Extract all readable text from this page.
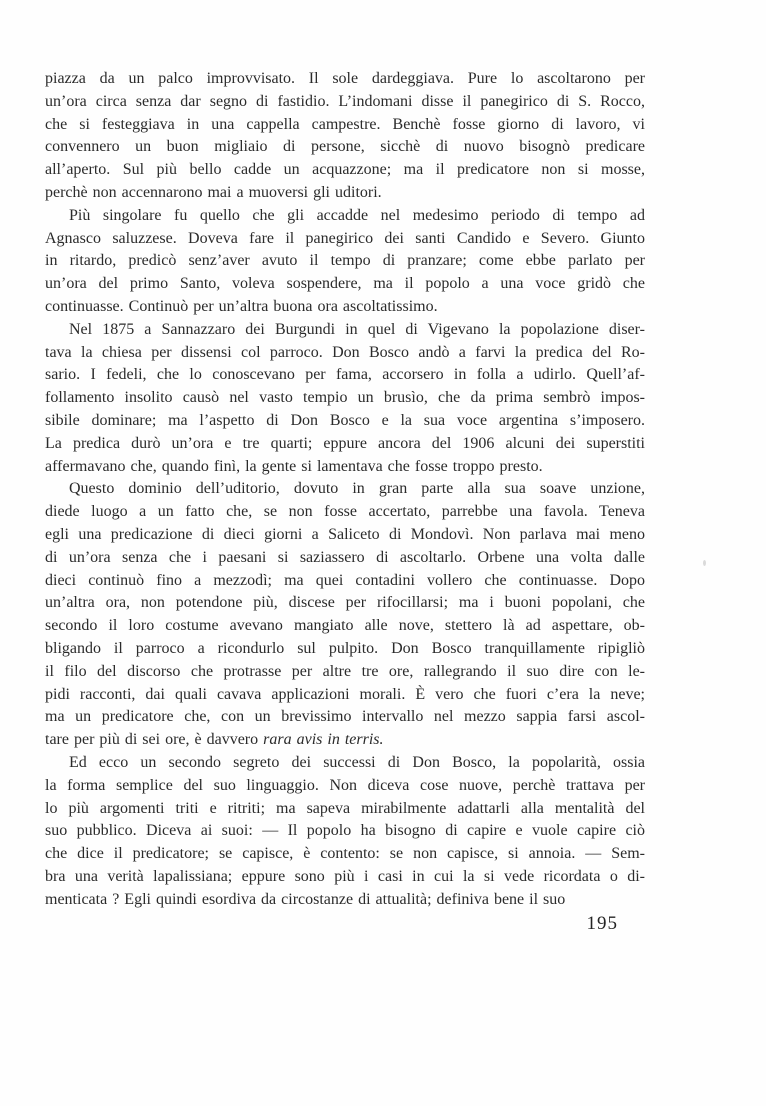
piazza da un palco improvvisato. Il sole dardeggiava. Pure lo ascoltarono per
un’ora circa senza dar segno di fastidio. L’indomani disse il panegirico di S. Rocco,
che si festeggiava in una cappella campestre. Benchè fosse giorno di lavoro, vi
convennero un buon migliaio di persone, sicchè di nuovo bisognò predicare
all’aperto. Sul più bello cadde un acquazzone; ma il predicatore non si mosse,
perchè non accennarono mai a muoversi gli uditori.

Più singolare fu quello che gli accadde nel medesimo periodo di tempo ad
Agnasco saluzzese. Doveva fare il panegirico dei santi Candido e Severo. Giunto
in ritardo, predicò senz’aver avuto il tempo di pranzare; come ebbe parlato per
un’ora del primo Santo, voleva sospendere, ma il popolo a una voce gridò che
continuasse. Continuò per un’altra buona ora ascoltatissimo.

Nel 1875 a Sannazzaro dei Burgundi in quel di Vigevano la popolazione diser-
tava la chiesa per dissensi col parroco. Don Bosco andò a farvi la predica del Ro-
sario. I fedeli, che lo conoscevano per fama, accorsero in folla a udirlo. Quell’af-
follamento insolito causò nel vasto tempio un brusìo, che da prima sembrò impos-
sibile dominare; ma l’aspetto di Don Bosco e la sua voce argentina s’imposero.
La predica durò un’ora e tre quarti; eppure ancora del 1906 alcuni dei superstiti
affermavano che, quando finì, la gente si lamentava che fosse troppo presto.

Questo dominio dell’uditorio, dovuto in gran parte alla sua soave unzione,
diede luogo a un fatto che, se non fosse accertato, parrebbe una favola. Teneva
egli una predicazione di dieci giorni a Saliceto di Mondovì. Non parlava mai meno
di un’ora senza che i paesani si saziassero di ascoltarlo. Orbene una volta dalle
dieci continuò fino a mezzodì; ma quei contadini vollero che continuasse. Dopo
un’altra ora, non potendone più, discese per rifocillarsi; ma i buoni popolani, che
secondo il loro costume avevano mangiato alle nove, stettero là ad aspettare, ob-
bligando il parroco a ricondurlo sul pulpito. Don Bosco tranquillamente ripigliò
il filo del discorso che protrasse per altre tre ore, rallegrando il suo dire con le-
pidi racconti, dai quali cavava applicazioni morali. È vero che fuori c’era la neve;
ma un predicatore che, con un brevissimo intervallo nel mezzo sappia farsi ascol-
tare per più di sei ore, è davvero rara avis in terris.

Ed ecco un secondo segreto dei successi di Don Bosco, la popolarità, ossia
la forma semplice del suo linguaggio. Non diceva cose nuove, perchè trattava per
lo più argomenti triti e ritriti; ma sapeva mirabilmente adattarli alla mentalità del
suo pubblico. Diceva ai suoi: — Il popolo ha bisogno di capire e vuole capire ciò
che dice il predicatore; se capisce, è contento: se non capisce, si annoia. — Sem-
bra una verità lapalissiana; eppure sono più i casi in cui la si vede ricordata o di-
menticata ? Egli quindi esordiva da circostanze di attualità; definiva bene il suo

195
